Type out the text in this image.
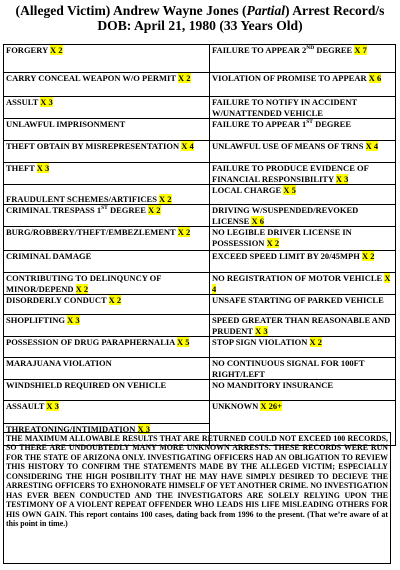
(Alleged Victim) Andrew Wayne Jones (Partial) Arrest Record/s
DOB: April 21, 1980 (33 Years Old)
FORGERY X 2	FAILURE TO APPEAR 2ND DEGREE X 7
CARRY CONCEAL WEAPON W/O PERMIT X 2	VIOLATION OF PROMISE TO APPEAR X 6
ASSULT X 3	FAILURE TO NOTIFY IN ACCIDENT W/UNATTENDED VEHICLE
UNLAWFUL IMPRISONMENT	FAILURE TO APPEAR 1ST DEGREE
THEFT OBTAIN BY MISREPRESENTATION X 4	UNLAWFUL USE OF MEANS OF TRNS X 4
THEFT X 3	FAILURE TO PRODUCE EVIDENCE OF FINANCIAL RESPONSIBILITY X 3
FRAUDULENT SCHEMES/ARTIFICES X 2	LOCAL CHARGE X 5
CRIMINAL TRESPASS 1ST DEGREE X 2	DRIVING W/SUSPENDED/REVOKED LICENSE X 6
BURG/ROBBERY/THEFT/EMBEZLEMENT X 2	NO LEGIBLE DRIVER LICENSE IN POSSESSION X 2
CRIMINAL DAMAGE	EXCEED SPEED LIMIT BY 20/45MPH X 2
CONTRIBUTING TO DELINQUNCY OF MINOR/DEPEND X 2	NO REGISTRATION OF MOTOR VEHICLE X 4
DISORDERLY CONDUCT X 2	UNSAFE STARTING OF PARKED VEHICLE
SHOPLIFTING X 3	SPEED GREATER THAN REASONABLE AND PRUDENT X 3
POSSESSION OF DRUG PARAPHERNALIA X 5	STOP SIGN VIOLATION X 2
MARAJUANA VIOLATION	NO CONTINUOUS SIGNAL FOR 100FT RIGHT/LEFT
WINDSHIELD REQUIRED ON VEHICLE	NO MANDITORY INSURANCE
ASSAULT X 3	UNKNOWN X 26+
THREATONING/INTIMIDATION X 3	
THE MAXIMUM ALLOWABLE RESULTS THAT ARE RETURNED COULD NOT EXCEED 100 RECORDS, SO THERE ARE UNDOUBTEDLY MANY MORE UNKNOWN ARRESTS. THESE RECORDS WERE RUN FOR THE STATE OF ARIZONA ONLY. INVESTIGATING OFFICERS HAD AN OBLIGATION TO REVIEW THIS HISTORY TO CONFIRM THE STATEMENTS MADE BY THE ALLEGED VICTIM; ESPECIALLY CONSIDERING THE HIGH POSIBILITY THAT HE MAY HAVE SIMPLY DESIRED TO DECIEVE THE ARRESTING OFFICERS TO EXHONORATE HIMSELF OF YET ANOTHER CRIME. NO INVESTIGATION HAS EVER BEEN CONDUCTED AND THE INVESTIGATORS ARE SOLELY RELYING UPON THE TESTIMONY OF A VIOLENT REPEAT OFFENDER WHO LEADS HIS LIFE MISLEADING OTHERS FOR HIS OWN GAIN. This report contains 100 cases, dating back from 1996 to the present. (That we’re aware of at this point in time.)
